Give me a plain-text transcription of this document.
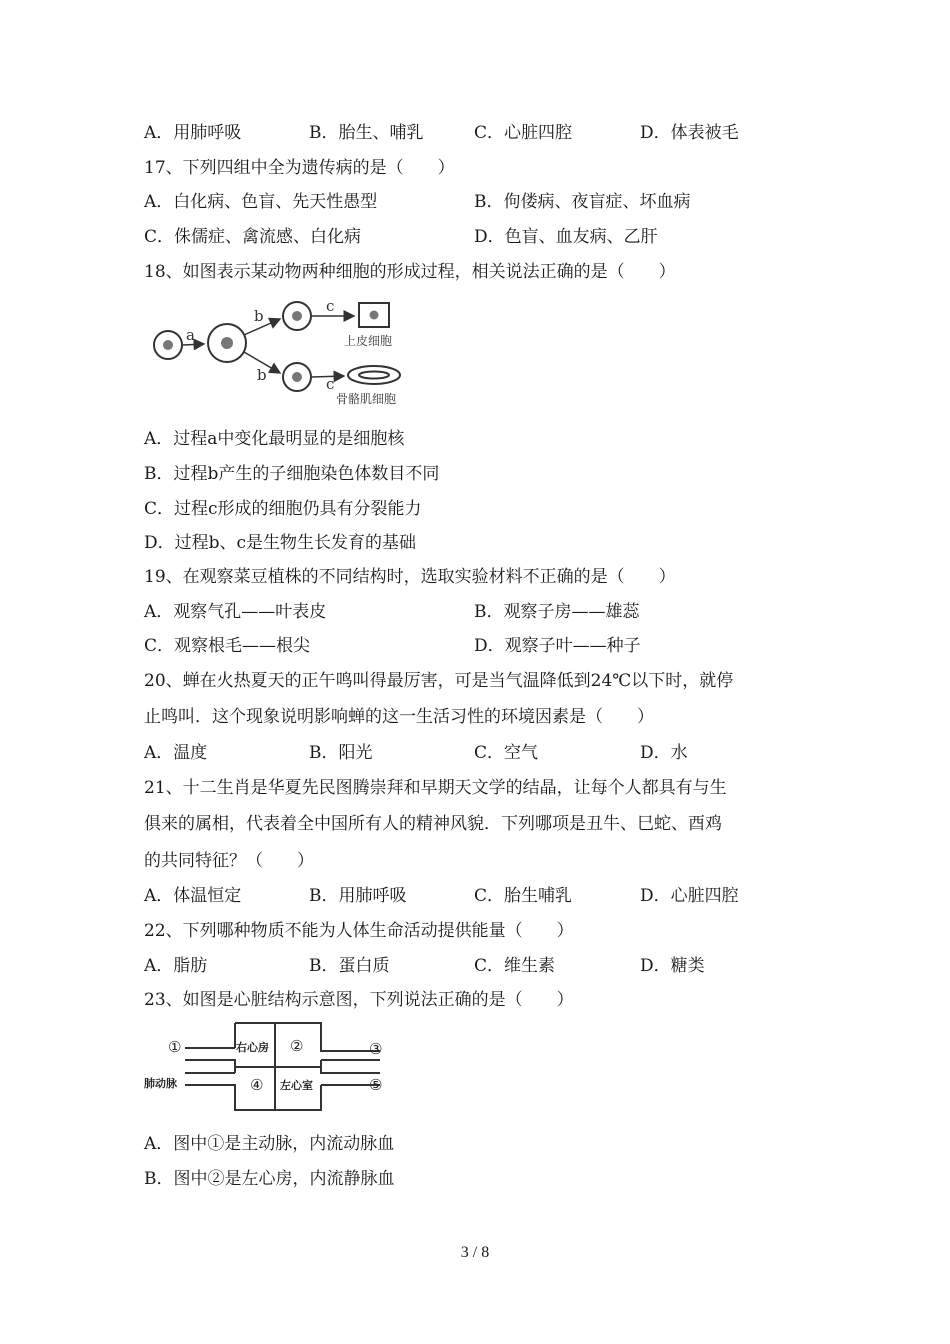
A．用肺呼吸	B．胎生、哺乳	C．心脏四腔	D．体表被毛
17、下列四组中全为遗传病的是（　　）
A．白化病、色盲、先天性愚型	B．佝偻病、夜盲症、坏血病
C．侏儒症、禽流感、白化病	D．色盲、血友病、乙肝
18、如图表示某动物两种细胞的形成过程，相关说法正确的是（　　）
a
b
b
c
c
上皮细胞
骨骼肌细胞
A．过程a中变化最明显的是细胞核
B．过程b产生的子细胞染色体数目不同
C．过程c形成的细胞仍具有分裂能力
D．过程b、c是生物生长发育的基础
19、在观察菜豆植株的不同结构时，选取实验材料不正确的是（　　）
A．观察气孔——叶表皮	B．观察子房——雄蕊
C．观察根毛——根尖	D．观察子叶——种子
20、蝉在火热夏天的正午鸣叫得最厉害，可是当气温降低到24℃以下时，就停
止鸣叫．这个现象说明影响蝉的这一生活习性的环境因素是（　　）
A．温度	B．阳光	C．空气	D．水
21、十二生肖是华夏先民图腾崇拜和早期天文学的结晶，让每个人都具有与生
俱来的属相，代表着全中国所有人的精神风貌．下列哪项是丑牛、巳蛇、酉鸡
的共同特征？（　　）
A．体温恒定	B．用肺呼吸	C．胎生哺乳	D．心脏四腔
22、下列哪种物质不能为人体生命活动提供能量（　　）
A．脂肪	B．蛋白质	C．维生素	D．糖类
23、如图是心脏结构示意图，下列说法正确的是（　　）
①	②	③
④	⑤
右心房
左心室
肺动脉
A．图中①是主动脉，内流动脉血
B．图中②是左心房，内流静脉血
3 / 8
